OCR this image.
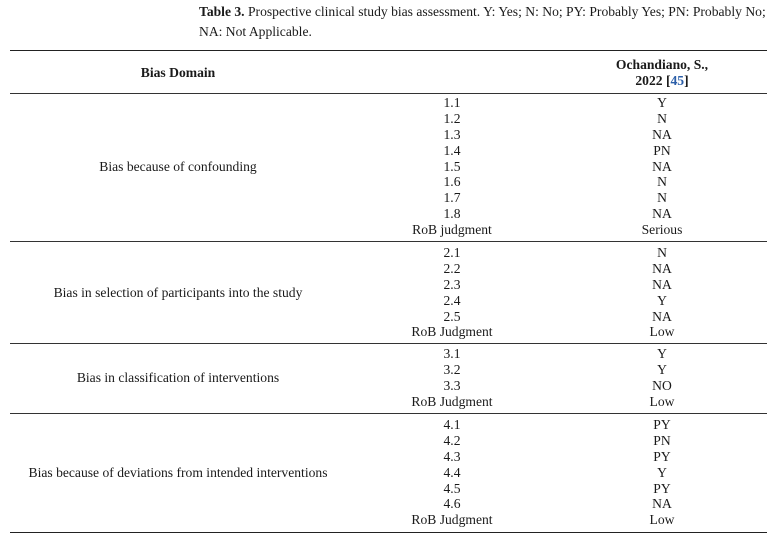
Table 3. Prospective clinical study bias assessment. Y: Yes; N: No; PY: Probably Yes; PN: Probably No;
NA: Not Applicable.
Bias Domain
Ochandiano, S.,
2022 [45]
Bias because of confounding
1.1
1.2
1.3
1.4
1.5
1.6
1.7
1.8
RoB judgment
Y
N
NA
PN
NA
N
N
NA
Serious
Bias in selection of participants into the study
2.1
2.2
2.3
2.4
2.5
RoB Judgment
N
NA
NA
Y
NA
Low
Bias in classification of interventions
3.1
3.2
3.3
RoB Judgment
Y
Y
NO
Low
Bias because of deviations from intended interventions
4.1
4.2
4.3
4.4
4.5
4.6
RoB Judgment
PY
PN
PY
Y
PY
NA
Low
